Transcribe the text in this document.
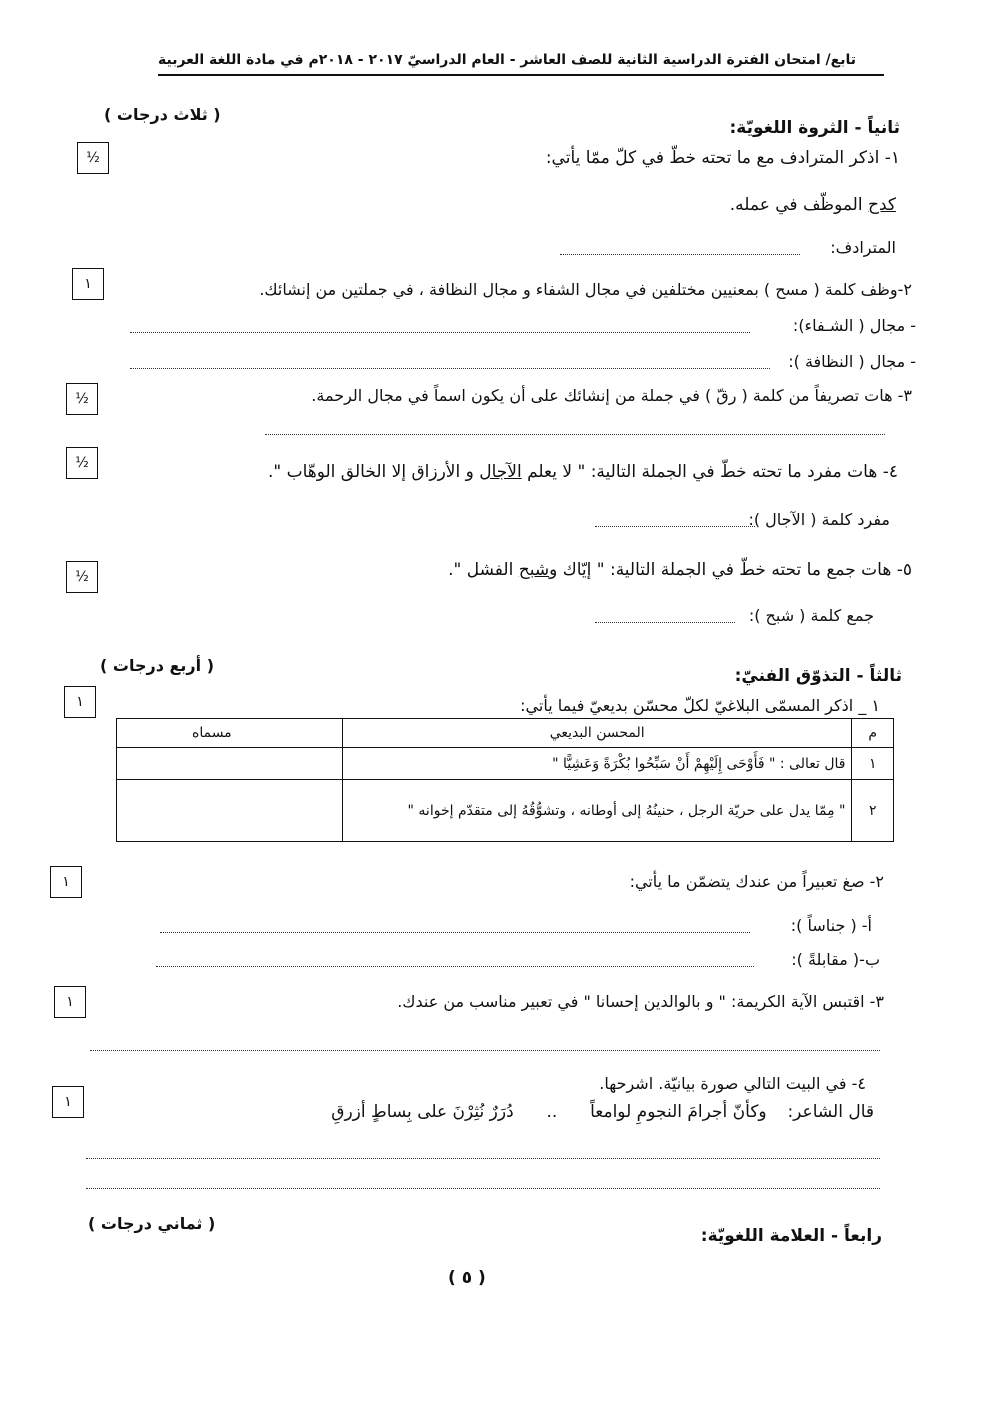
تابع/ امتحان الفترة الدراسية الثانية للصف العاشر - العام الدراسيّ ٢٠١٧ - ٢٠١٨م في مادة اللغة العربية
ثانياً - الثروة اللغويّة:
( ثلاث درجات )
١- اذكر المترادف مع ما تحته خطّ في كلّ ممّا يأتي:
½
كدح الموظّف في عمله.
المترادف:
٢-وظف كلمة ( مسح ) بمعنيين مختلفين في مجال الشفاء و مجال النظافة ، في جملتين من إنشائك.
١
- مجال ( الشـفاء):
- مجال ( النظافة ):
٣- هات تصريفاً من كلمة ( رقّ ) في جملة من إنشائك على أن يكون اسماً في مجال الرحمة.
½
½	٤- هات مفرد ما تحته خطّ في الجملة التالية: " لا يعلم الآجال و الأرزاق إلا الخالق الوهّاب ".
مفرد كلمة ( الآجال ):
½	٥- هات جمع ما تحته خطّ في الجملة التالية: " إيّاك وشبح الفشل ".
جمع كلمة ( شبح ):
ثالثاً - التذوّق الفنيّ:
( أربع درجات )
١ _ اذكر المسمّى البلاغيّ لكلّ محسّن بديعيّ فيما يأتي:
١
م	المحسن البديعي	مسماه
١	قال تعالى : " فَأَوْحَى إِلَيْهِمْ أَنْ سَبِّحُوا بُكْرَةً وَعَشِيًّا "	
٢	" مِمّا يدل على حريّة الرجل ، حنينُهُ إلى أوطانه ، وتشوُّقُهُ إلى متقدّم إخوانه "	
٢- صغ تعبيراً من عندك يتضمّن ما يأتي:
١
أ- ( جناساً ):
ب-( مقابلةً ):
٣- اقتبس الآية الكريمة: " و بالوالدين إحسانا " في تعبير مناسب من عندك.
١
٤- في البيت التالي صورة بيانيّة. اشرحها.
١	قال الشاعر:  وكأنّ أجرامَ النجومِ لوامعاً  ..  دُرَرٌ نُثِرْنَ على بِساطٍ أزرقِ
رابعاً - العلامة اللغويّة:
( ثماني درجات )
( ٥ )
